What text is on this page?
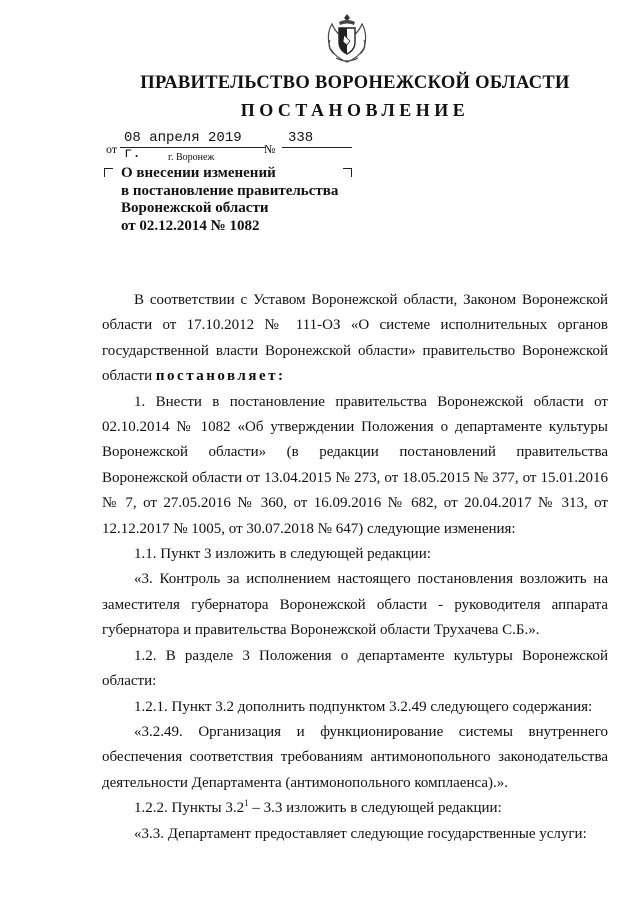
ПРАВИТЕЛЬСТВО ВОРОНЕЖСКОЙ ОБЛАСТИ
ПОСТАНОВЛЕНИЕ
от
08 апреля 2019 г.	№
338
г. Воронеж
О внесении изменений
в постановление правительства
Воронежской области
от 02.12.2014 № 1082

В соответствии с Уставом Воронежской области, Законом Воронежской области от 17.10.2012 № 111-ОЗ «О системе исполнительных органов государственной власти Воронежской области» правительство Воронежской области постановляет:

1. Внести в постановление правительства Воронежской области от 02.10.2014 № 1082 «Об утверждении Положения о департаменте культуры Воронежской области» (в редакции постановлений правительства Воронежской области от 13.04.2015 № 273, от 18.05.2015 № 377, от 15.01.2016 № 7, от 27.05.2016 № 360, от 16.09.2016 № 682, от 20.04.2017 № 313, от 12.12.2017 № 1005, от 30.07.2018 № 647) следующие изменения:

1.1. Пункт 3 изложить в следующей редакции:

«3. Контроль за исполнением настоящего постановления возложить на заместителя губернатора Воронежской области - руководителя аппарата губернатора и правительства Воронежской области Трухачева С.Б.».

1.2. В разделе 3 Положения о департаменте культуры Воронежской области:

1.2.1. Пункт 3.2 дополнить подпунктом 3.2.49 следующего содержания:

«3.2.49. Организация и функционирование системы внутреннего обеспечения соответствия требованиям антимонопольного законодательства деятельности Департамента (антимонопольного комплаенса).».

1.2.2. Пункты $3.2^1 - 3.3$ изложить в следующей редакции:

«3.3. Департамент предоставляет следующие государственные услуги:
